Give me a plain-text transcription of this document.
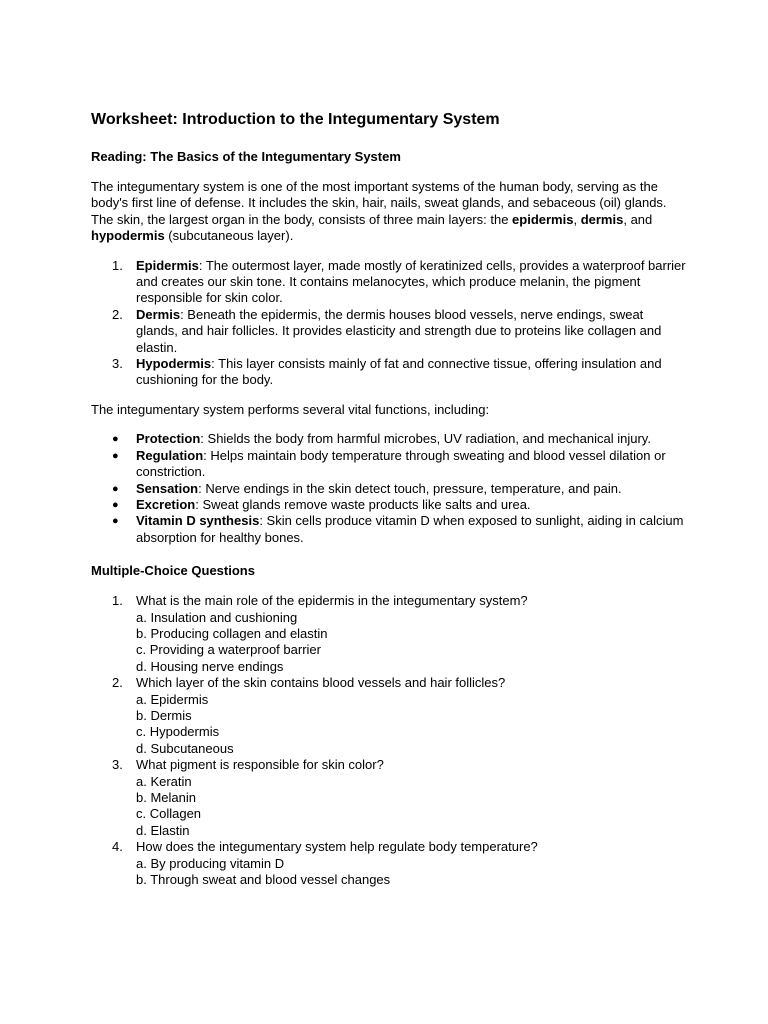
Worksheet: Introduction to the Integumentary System
Reading: The Basics of the Integumentary System

The integumentary system is one of the most important systems of the human body, serving as the body's first line of defense. It includes the skin, hair, nails, sweat glands, and sebaceous (oil) glands. The skin, the largest organ in the body, consists of three main layers: the epidermis, dermis, and hypodermis (subcutaneous layer).

1. Epidermis: The outermost layer, made mostly of keratinized cells, provides a waterproof barrier and creates our skin tone. It contains melanocytes, which produce melanin, the pigment responsible for skin color.
2. Dermis: Beneath the epidermis, the dermis houses blood vessels, nerve endings, sweat glands, and hair follicles. It provides elasticity and strength due to proteins like collagen and elastin.
3. Hypodermis: This layer consists mainly of fat and connective tissue, offering insulation and cushioning for the body.

The integumentary system performs several vital functions, including:

● Protection: Shields the body from harmful microbes, UV radiation, and mechanical injury.
● Regulation: Helps maintain body temperature through sweating and blood vessel dilation or constriction.
● Sensation: Nerve endings in the skin detect touch, pressure, temperature, and pain.
● Excretion: Sweat glands remove waste products like salts and urea.
● Vitamin D synthesis: Skin cells produce vitamin D when exposed to sunlight, aiding in calcium absorption for healthy bones.
Multiple-Choice Questions
1. What is the main role of the epidermis in the integumentary system?
a. Insulation and cushioning
b. Producing collagen and elastin
c. Providing a waterproof barrier
d. Housing nerve endings
2. Which layer of the skin contains blood vessels and hair follicles?
a. Epidermis
b. Dermis
c. Hypodermis
d. Subcutaneous
3. What pigment is responsible for skin color?
a. Keratin
b. Melanin
c. Collagen
d. Elastin
4. How does the integumentary system help regulate body temperature?
a. By producing vitamin D
b. Through sweat and blood vessel changes
